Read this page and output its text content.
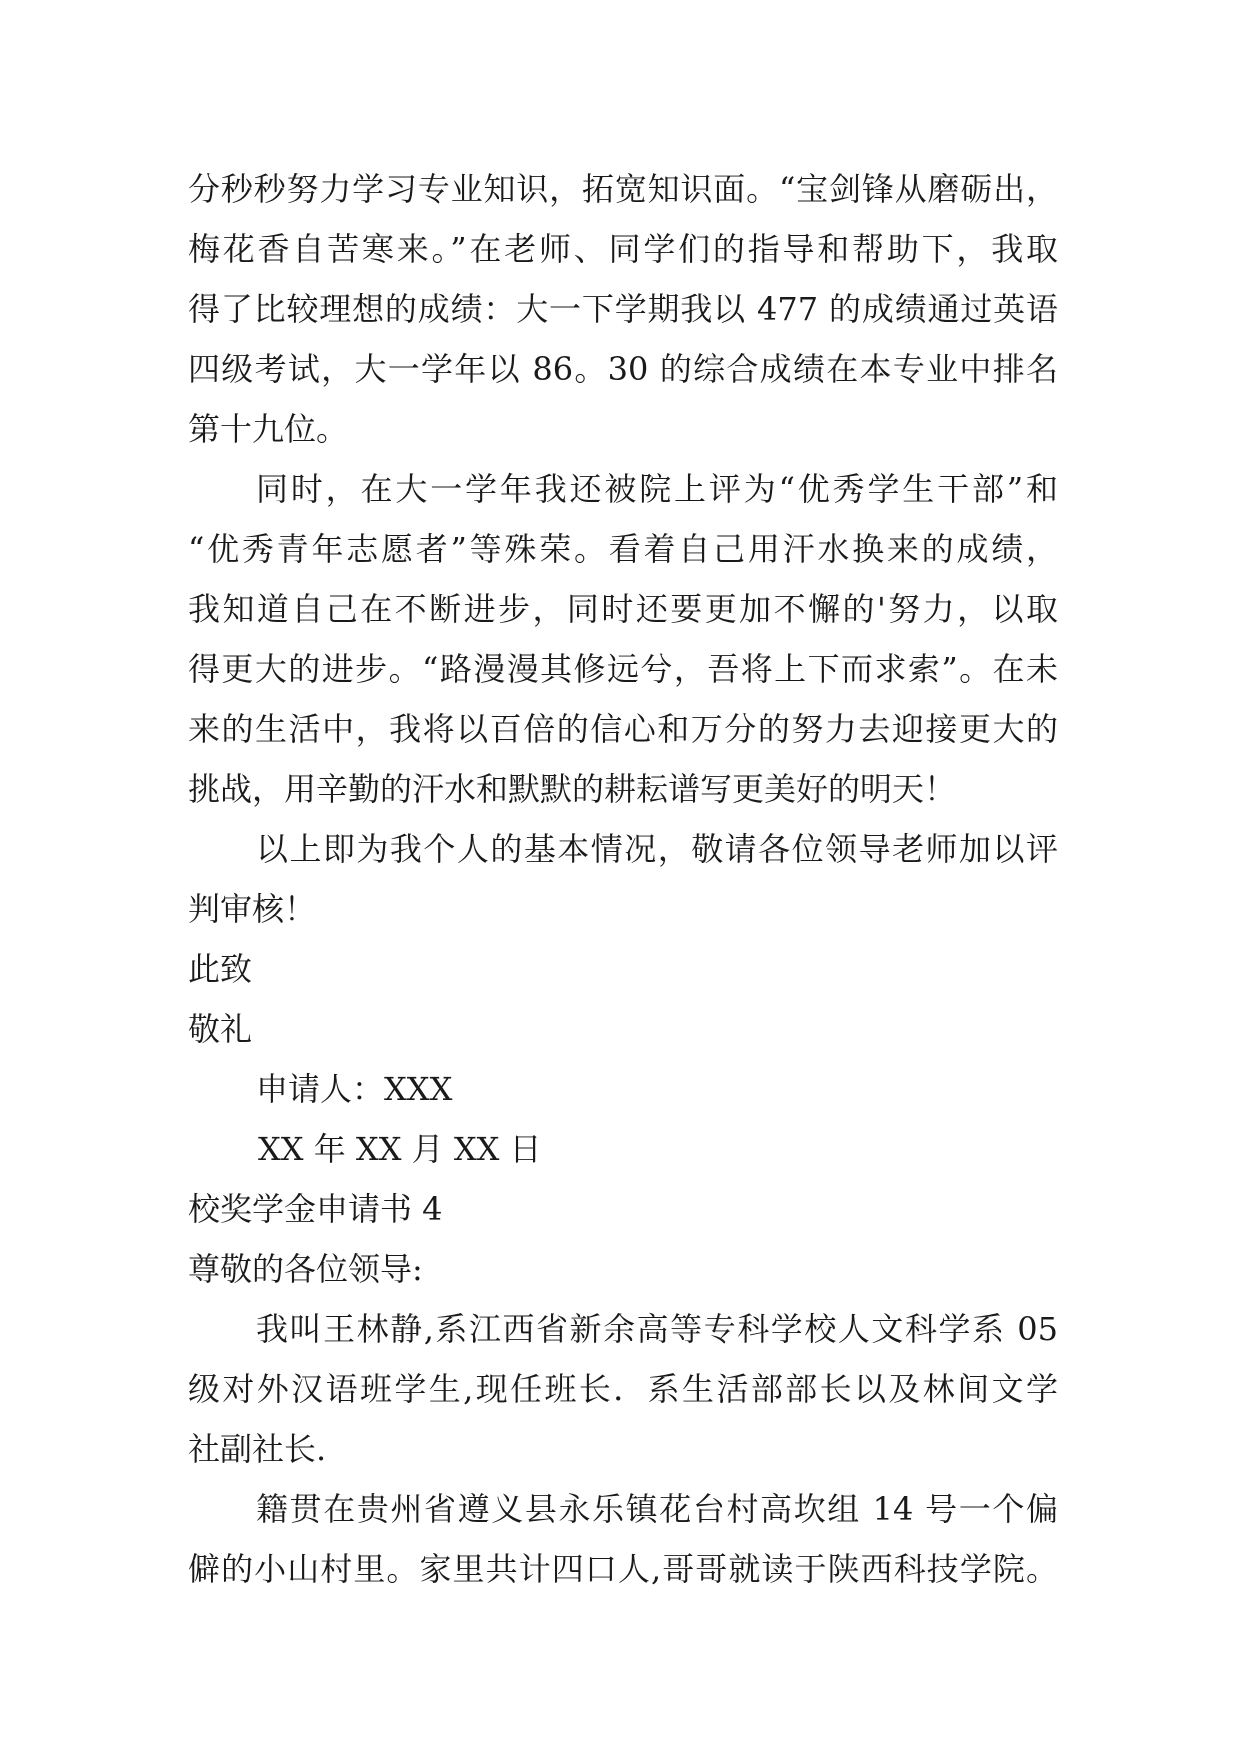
分秒秒努力学习专业知识，拓宽知识面。“宝剑锋从磨砺出，
梅花香自苦寒来。”在老师、同学们的指导和帮助下，我取
得了比较理想的成绩：大一下学期我以 477 的成绩通过英语
四级考试，大一学年以 86。30 的综合成绩在本专业中排名
第十九位。
同时，在大一学年我还被院上评为“优秀学生干部”和
“优秀青年志愿者”等殊荣。看着自己用汗水换来的成绩，
我知道自己在不断进步，同时还要更加不懈的'努力，以取
得更大的进步。“路漫漫其修远兮，吾将上下而求索”。在未
来的生活中，我将以百倍的信心和万分的努力去迎接更大的
挑战，用辛勤的汗水和默默的耕耘谱写更美好的明天！
以上即为我个人的基本情况，敬请各位领导老师加以评
判审核！
此致
敬礼
申请人：XXX
XX 年 XX 月 XX 日
校奖学金申请书 4
尊敬的各位领导:
我叫王林静,系江西省新余高等专科学校人文科学系 05
级对外汉语班学生,现任班长．系生活部部长以及林间文学
社副社长.
籍贯在贵州省遵义县永乐镇花台村高坎组 14 号一个偏
僻的小山村里。家里共计四口人,哥哥就读于陕西科技学院。
